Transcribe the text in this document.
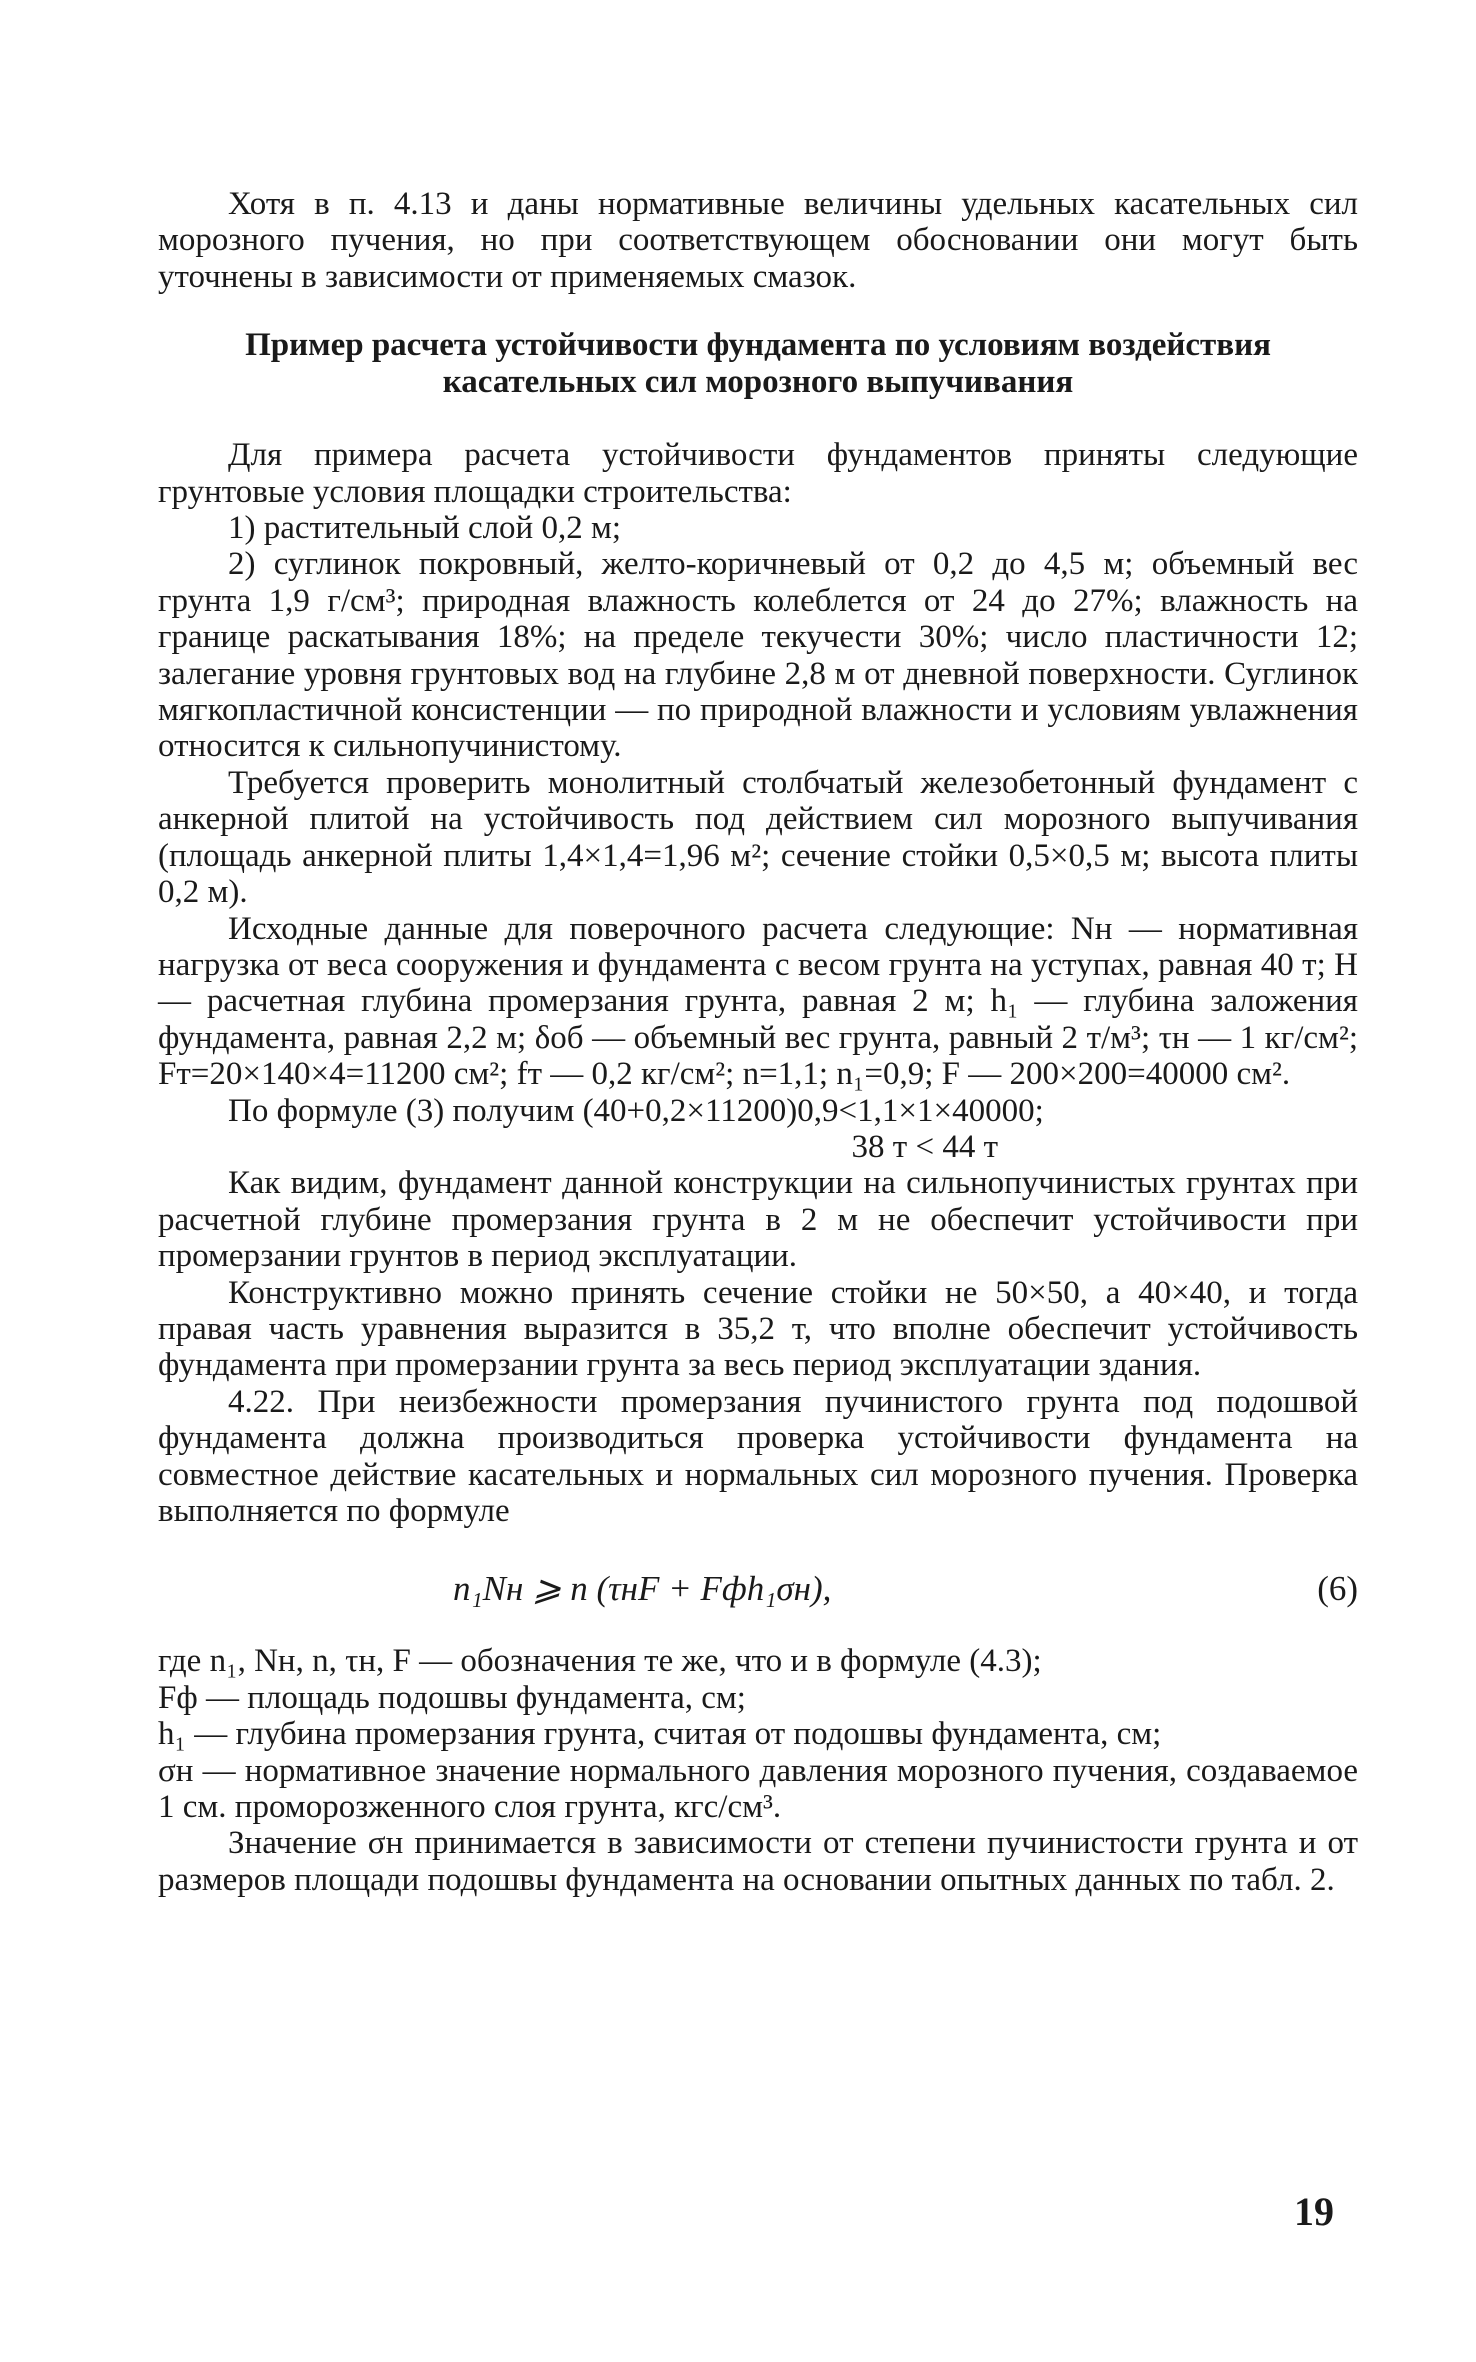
Хотя в п. 4.13 и даны нормативные величины удельных касательных сил морозного пучения, но при соответствующем обосновании они могут быть уточнены в зависимости от применяемых смазок.

Пример расчета устойчивости фундамента по условиям воздействия касательных сил морозного выпучивания

Для примера расчета устойчивости фундаментов приняты следующие грунтовые условия площадки строительства:

1) растительный слой 0,2 м;

2) суглинок покровный, желто-коричневый от 0,2 до 4,5 м; объемный вес грунта 1,9 г/см³; природная влажность колеблется от 24 до 27%; влажность на границе раскатывания 18%; на пределе текучести 30%; число пластичности 12; залегание уровня грунтовых вод на глубине 2,8 м от дневной поверхности. Суглинок мягкопластичной консистенции — по природной влажности и условиям увлажнения относится к сильнопучинистому.

Требуется проверить монолитный столбчатый железобетонный фундамент с анкерной плитой на устойчивость под действием сил морозного выпучивания (площадь анкерной плиты 1,4×1,4=1,96 м²; сечение стойки 0,5×0,5 м; высота плиты 0,2 м).

Исходные данные для поверочного расчета следующие: Nн — нормативная нагрузка от веса сооружения и фундамента с весом грунта на уступах, равная 40 т; H — расчетная глубина промерзания грунта, равная 2 м; h₁ — глубина заложения фундамента, равная 2,2 м; δоб — объемный вес грунта, равный 2 т/м³; τн — 1 кг/см²; Fт=20×140×4=11200 см²; fт — 0,2 кг/см²; n=1,1; n₁=0,9; F — 200×200=40000 см².

По формуле (3) получим (40+0,2×11200)0,9<1,1×1×40000;

38 т < 44 т

Как видим, фундамент данной конструкции на сильнопучинистых грунтах при расчетной глубине промерзания грунта в 2 м не обеспечит устойчивости при промерзании грунтов в период эксплуатации.

Конструктивно можно принять сечение стойки не 50×50, а 40×40, и тогда правая часть уравнения выразится в 35,2 т, что вполне обеспечит устойчивость фундамента при промерзании грунта за весь период эксплуатации здания.

4.22. При неизбежности промерзания пучинистого грунта под подошвой фундамента должна производиться проверка устойчивости фундамента на совместное действие касательных и нормальных сил морозного пучения. Проверка выполняется по формуле

n₁Nн ⩾ n (τнF + Fфh₁σн),	(6)

где n₁, Nн, n, τн, F — обозначения те же, что и в формуле (4.3);

Fф — площадь подошвы фундамента, см;

h₁ — глубина промерзания грунта, считая от подошвы фундамента, см;

σн — нормативное значение нормального давления морозного пучения, создаваемое 1 см. проморозженного слоя грунта, кгс/см³.

Значение σн принимается в зависимости от степени пучинистости грунта и от размеров площади подошвы фундамента на основании опытных данных по табл. 2.

19
